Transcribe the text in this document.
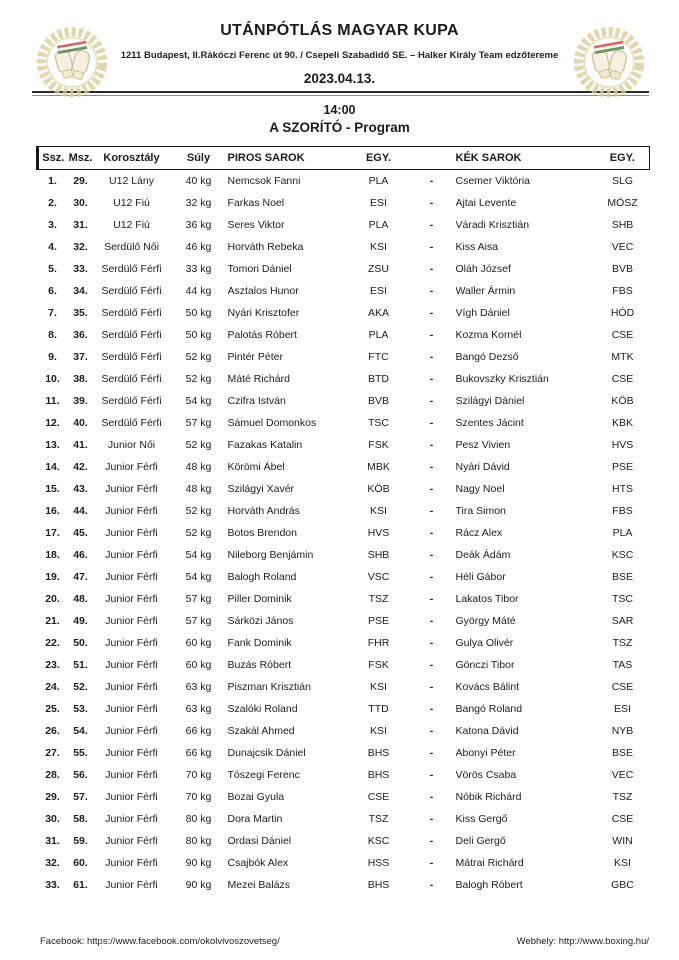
UTÁNPÓTLÁS MAGYAR KUPA
1211 Budapest, II.Rákóczi Ferenc út 90. / Csepeli Szabadidő SE. – Halker Király Team edzőtereme
2023.04.13.
14:00
A SZORÍTÓ - Program
Ssz.	Msz.	Korosztály	Súly	PIROS SAROK	EGY.		KÉK SAROK	EGY.
1.	29.	U12 Lány	40 kg	Nemcsok Fanni	PLA	-	Csemer Viktória	SLG
2.	30.	U12 Fiú	32 kg	Farkas Noel	ESI	-	Ajtai Levente	MÖSZ
3.	31.	U12 Fiú	36 kg	Seres Viktor	PLA	-	Váradi Krisztián	SHB
4.	32.	Serdülő Női	46 kg	Horváth Rebeka	KSI	-	Kiss Aisa	VEC
5.	33.	Serdülő Férfi	33 kg	Tomori Dániel	ZSU	-	Oláh József	BVB
6.	34.	Serdülő Férfi	44 kg	Asztalos Hunor	ESI	-	Waller Ármin	FBS
7.	35.	Serdülő Férfi	50 kg	Nyári Krisztofer	AKA	-	Vígh Dániel	HÓD
8.	36.	Serdülő Férfi	50 kg	Palotás Róbert	PLA	-	Kozma Kornél	CSE
9.	37.	Serdülő Férfi	52 kg	Pintér Péter	FTC	-	Bangó Dezső	MTK
10.	38.	Serdülő Férfi	52 kg	Máté Richárd	BTD	-	Bukovszky Krisztián	CSE
11.	39.	Serdülő Férfi	54 kg	Czifra István	BVB	-	Szilágyi Dániel	KÖB
12.	40.	Serdülő Férfi	57 kg	Sámuel Domonkos	TSC	-	Szentes Jácint	KBK
13.	41.	Junior Női	52 kg	Fazakas Katalin	FSK	-	Pesz Vivien	HVS
14.	42.	Junior Férfi	48 kg	Körömi Ábel	MBK	-	Nyári Dávid	PSE
15.	43.	Junior Férfi	48 kg	Szilágyi Xavér	KÖB	-	Nagy Noel	HTS
16.	44.	Junior Férfi	52 kg	Horváth András	KSI	-	Tira Simon	FBS
17.	45.	Junior Férfi	52 kg	Botos Brendon	HVS	-	Rácz Alex	PLA
18.	46.	Junior Férfi	54 kg	Nileborg Benjámin	SHB	-	Deák Ádám	KSC
19.	47.	Junior Férfi	54 kg	Balogh Roland	VSC	-	Héli Gábor	BSE
20.	48.	Junior Férfi	57 kg	Piller Dominik	TSZ	-	Lakatos Tibor	TSC
21.	49.	Junior Férfi	57 kg	Sárközi János	PSE	-	György Máté	SAR
22.	50.	Junior Férfi	60 kg	Fank Dominik	FHR	-	Gulya Olivér	TSZ
23.	51.	Junior Férfi	60 kg	Buzás Róbert	FSK	-	Gönczi Tibor	TAS
24.	52.	Junior Férfi	63 kg	Piszman Krisztián	KSI	-	Kovács Bálint	CSE
25.	53.	Junior Férfi	63 kg	Szalóki Roland	TTD	-	Bangó Roland	ESI
26.	54.	Junior Férfi	66 kg	Szakál Ahmed	KSI	-	Katona Dávid	NYB
27.	55.	Junior Férfi	66 kg	Dunajcsik Dániel	BHS	-	Abonyi Péter	BSE
28.	56.	Junior Férfi	70 kg	Tószegi Ferenc	BHS	-	Vörös Csaba	VEC
29.	57.	Junior Férfi	70 kg	Bozai Gyula	CSE	-	Nóbik Richárd	TSZ
30.	58.	Junior Férfi	80 kg	Dora Martin	TSZ	-	Kiss Gergő	CSE
31.	59.	Junior Férfi	80 kg	Ordasi Dániel	KSC	-	Deli Gergő	WIN
32.	60.	Junior Férfi	90 kg	Csajbók Alex	HSS	-	Mátrai Richárd	KSI
33.	61.	Junior Férfi	90 kg	Mezei Balázs	BHS	-	Balogh Róbert	GBC
Facebook: https://www.facebook.com/okolvivoszovetseg/	Webhely: http://www.boxing.hu/
